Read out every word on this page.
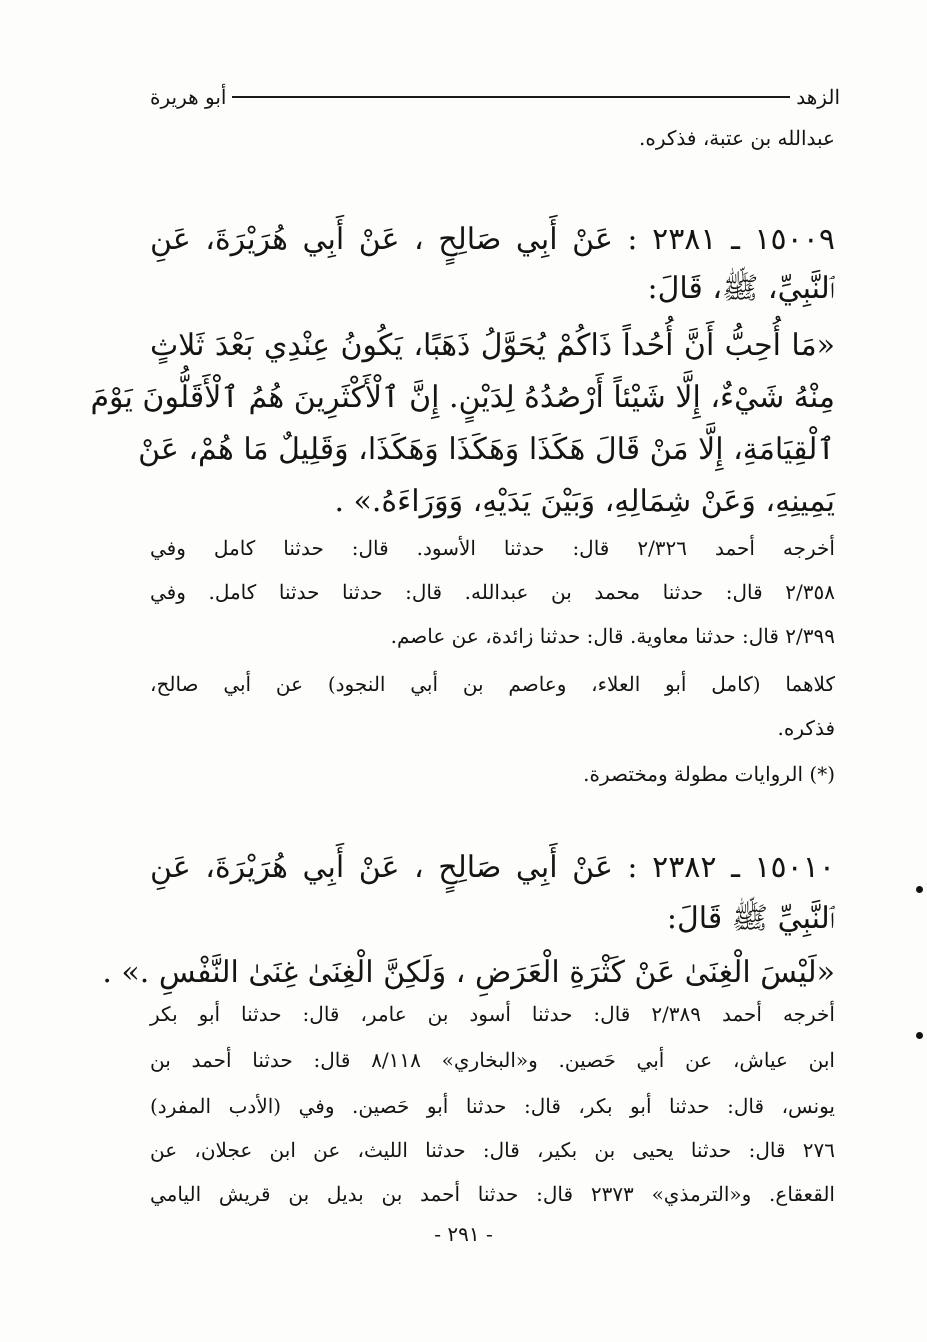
الزهد
أبو هريرة
عبدالله بن عتبة، فذكره.
١٥٠٠٩ ـ ٢٣٨١ : عَنْ أَبِي صَالِحٍ ، عَنْ أَبِي هُرَيْرَةَ، عَنِ
ٱلنَّبِيِّ، ﷺ، قَالَ:
«مَا أُحِبُّ أَنَّ أُحُداً ذَاكُمْ يُحَوَّلُ ذَهَبًا، يَكُونُ عِنْدِي بَعْدَ ثَلاثٍ
مِنْهُ شَيْءٌ، إِلَّا شَيْئاً أَرْصُدُهُ لِدَيْنٍ. إِنَّ ٱلْأَكْثَرِينَ هُمُ ٱلْأَقَلُّونَ يَوْمَ
ٱلْقِيَامَةِ، إِلَّا مَنْ قَالَ هَكَذَا وَهَكَذَا وَهَكَذَا، وَقَلِيلٌ مَا هُمْ، عَنْ
يَمِينِهِ، وَعَنْ شِمَالِهِ، وَبَيْنَ يَدَيْهِ، وَوَرَاءَهُ.» .
أخرجه أحمد ٢/٣٢٦ قال: حدثنا الأسود. قال: حدثنا كامل وفي
٢/٣٥٨ قال: حدثنا محمد بن عبدالله. قال: حدثنا حدثنا كامل. وفي
٢/٣٩٩ قال: حدثنا معاوية. قال: حدثنا زائدة، عن عاصم.
كلاهما (كامل أبو العلاء، وعاصم بن أبي النجود) عن أبي صالح،
فذكره.
(*) الروايات مطولة ومختصرة.
١٥٠١٠ ـ ٢٣٨٢ : عَنْ أَبِي صَالِحٍ ، عَنْ أَبِي هُرَيْرَةَ، عَنِ
ٱلنَّبِيِّ ﷺ قَالَ:
«لَيْسَ الْغِنَىٰ عَنْ كَثْرَةِ الْعَرَضِ ، وَلَكِنَّ الْغِنَىٰ غِنَىٰ النَّفْسِ .» .
أخرجه أحمد ٢/٣٨٩ قال: حدثنا أسود بن عامر، قال: حدثنا أبو بكر
ابن عياش، عن أبي حَصين. و«البخاري» ٨/١١٨ قال: حدثنا أحمد بن
يونس، قال: حدثنا أبو بكر، قال: حدثنا أبو حَصين. وفي (الأدب المفرد)
٢٧٦ قال: حدثنا يحيى بن بكير، قال: حدثنا الليث، عن ابن عجلان، عن
القعقاع. و«الترمذي» ٢٣٧٣ قال: حدثنا أحمد بن بديل بن قريش اليامي
- ٢٩١ -
